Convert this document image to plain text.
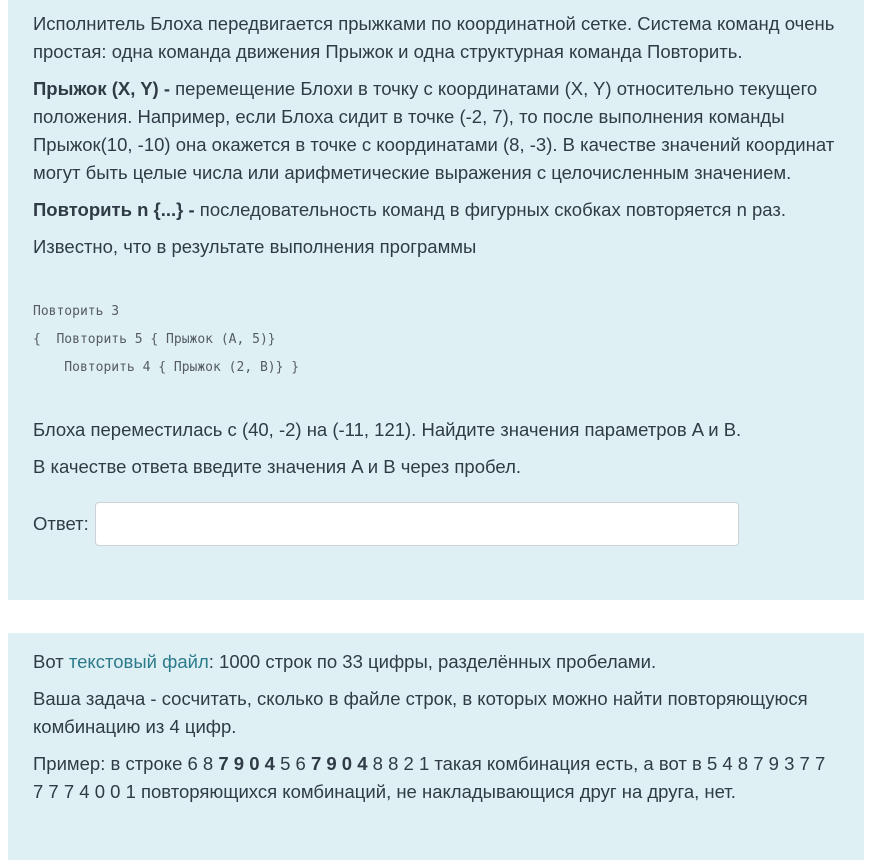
Исполнитель Блоха передвигается прыжками по координатной сетке. Система команд очень простая: одна команда движения Прыжок и одна структурная команда Повторить.

Прыжок (X, Y) - перемещение Блохи в точку с координатами (X, Y) относительно текущего положения. Например, если Блоха сидит в точке (-2, 7), то после выполнения команды Прыжок(10, -10) она окажется в точке с координатами (8, -3). В качестве значений координат могут быть целые числа или арифметические выражения с целочисленным значением.

Повторить n {...} - последовательность команд в фигурных скобках повторяется n раз.

Известно, что в результате выполнения программы

Повторить 3
{  Повторить 5 { Прыжок (A, 5)}
Повторить 4 { Прыжок (2, B)} }

Блоха переместилась с (40, -2) на (-11, 121). Найдите значения параметров A и B.

В качестве ответа введите значения A и B через пробел.

Ответ:

Вот текстовый файл: 1000 строк по 33 цифры, разделённых пробелами.

Ваша задача - сосчитать, сколько в файле строк, в которых можно найти повторяющуюся комбинацию из 4 цифр.

Пример: в строке 6 8 7 9 0 4 5 6 7 9 0 4 8 8 2 1 такая комбинация есть, а вот в 5 4 8 7 9 3 7 7 7 7 7 4 0 0 1 повторяющихся комбинаций, не накладывающися друг на друга, нет.
